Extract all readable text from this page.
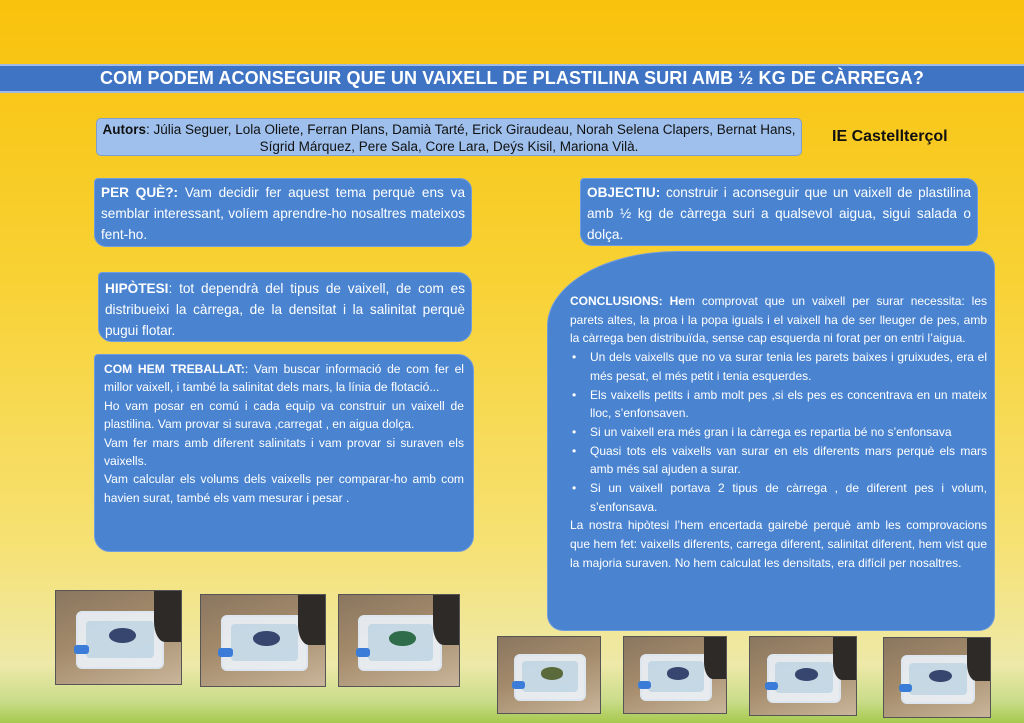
COM PODEM ACONSEGUIR QUE UN VAIXELL DE PLASTILINA SURI AMB ½ KG DE CÀRREGA?
Autors: Júlia Seguer, Lola Oliete, Ferran Plans, Damià Tarté, Erick Giraudeau, Norah Selena Clapers, Bernat Hans, Sígrid Márquez, Pere Sala, Core Lara, Deýs Kisil, Mariona Vilà.
IE Castellterçol
PER QUÈ?: Vam decidir fer aquest tema perquè ens va semblar interessant, volíem aprendre-ho nosaltres mateixos fent-ho.
OBJECTIU: construir i aconseguir que un vaixell de plastilina amb ½ kg de càrrega suri a qualsevol aigua, sigui salada o dolça.
HIPÒTESI: tot dependrà del tipus de vaixell, de com es distribueixi la càrrega, de la densitat i la salinitat perquè pugui flotar.
COM HEM TREBALLAT:: Vam buscar informació de com fer el millor vaixell, i també la salinitat dels mars, la línia de flotació...
Ho vam posar en comú i cada equip va construir un vaixell de plastilina. Vam provar si surava ,carregat , en aigua dolça.
Vam fer mars amb diferent salinitats i vam provar si suraven els vaixells.
Vam calcular els volums dels vaixells per comparar-ho amb com havien surat, també els vam mesurar i pesar .
CONCLUSIONS: Hem comprovat que un vaixell per surar necessita: les parets altes, la proa i la popa iguals i el vaixell ha de ser lleuger de pes, amb la càrrega ben distribuïda, sense cap esquerda ni forat per on entri l’aigua.
• Un dels vaixells que no va surar tenia les parets baixes i gruixudes, era el més pesat, el més petit i tenia esquerdes.
• Els vaixells petits i amb molt pes ,si els pes es concentrava en un mateix lloc, s’enfonsaven.
• Si un vaixell era més gran i la càrrega es repartia bé no s’enfonsava
• Quasi tots els vaixells van surar en els diferents mars perquè els mars amb més sal ajuden a surar.
• Si un vaixell portava 2 tipus de càrrega , de diferent pes i volum, s’enfonsava.
La nostra hipòtesi l’hem encertada gairebé perquè amb les comprovacions que hem fet: vaixells diferents, carrega diferent, salinitat diferent, hem vist que la majoria suraven. No hem calculat les densitats, era difícil per nosaltres.
